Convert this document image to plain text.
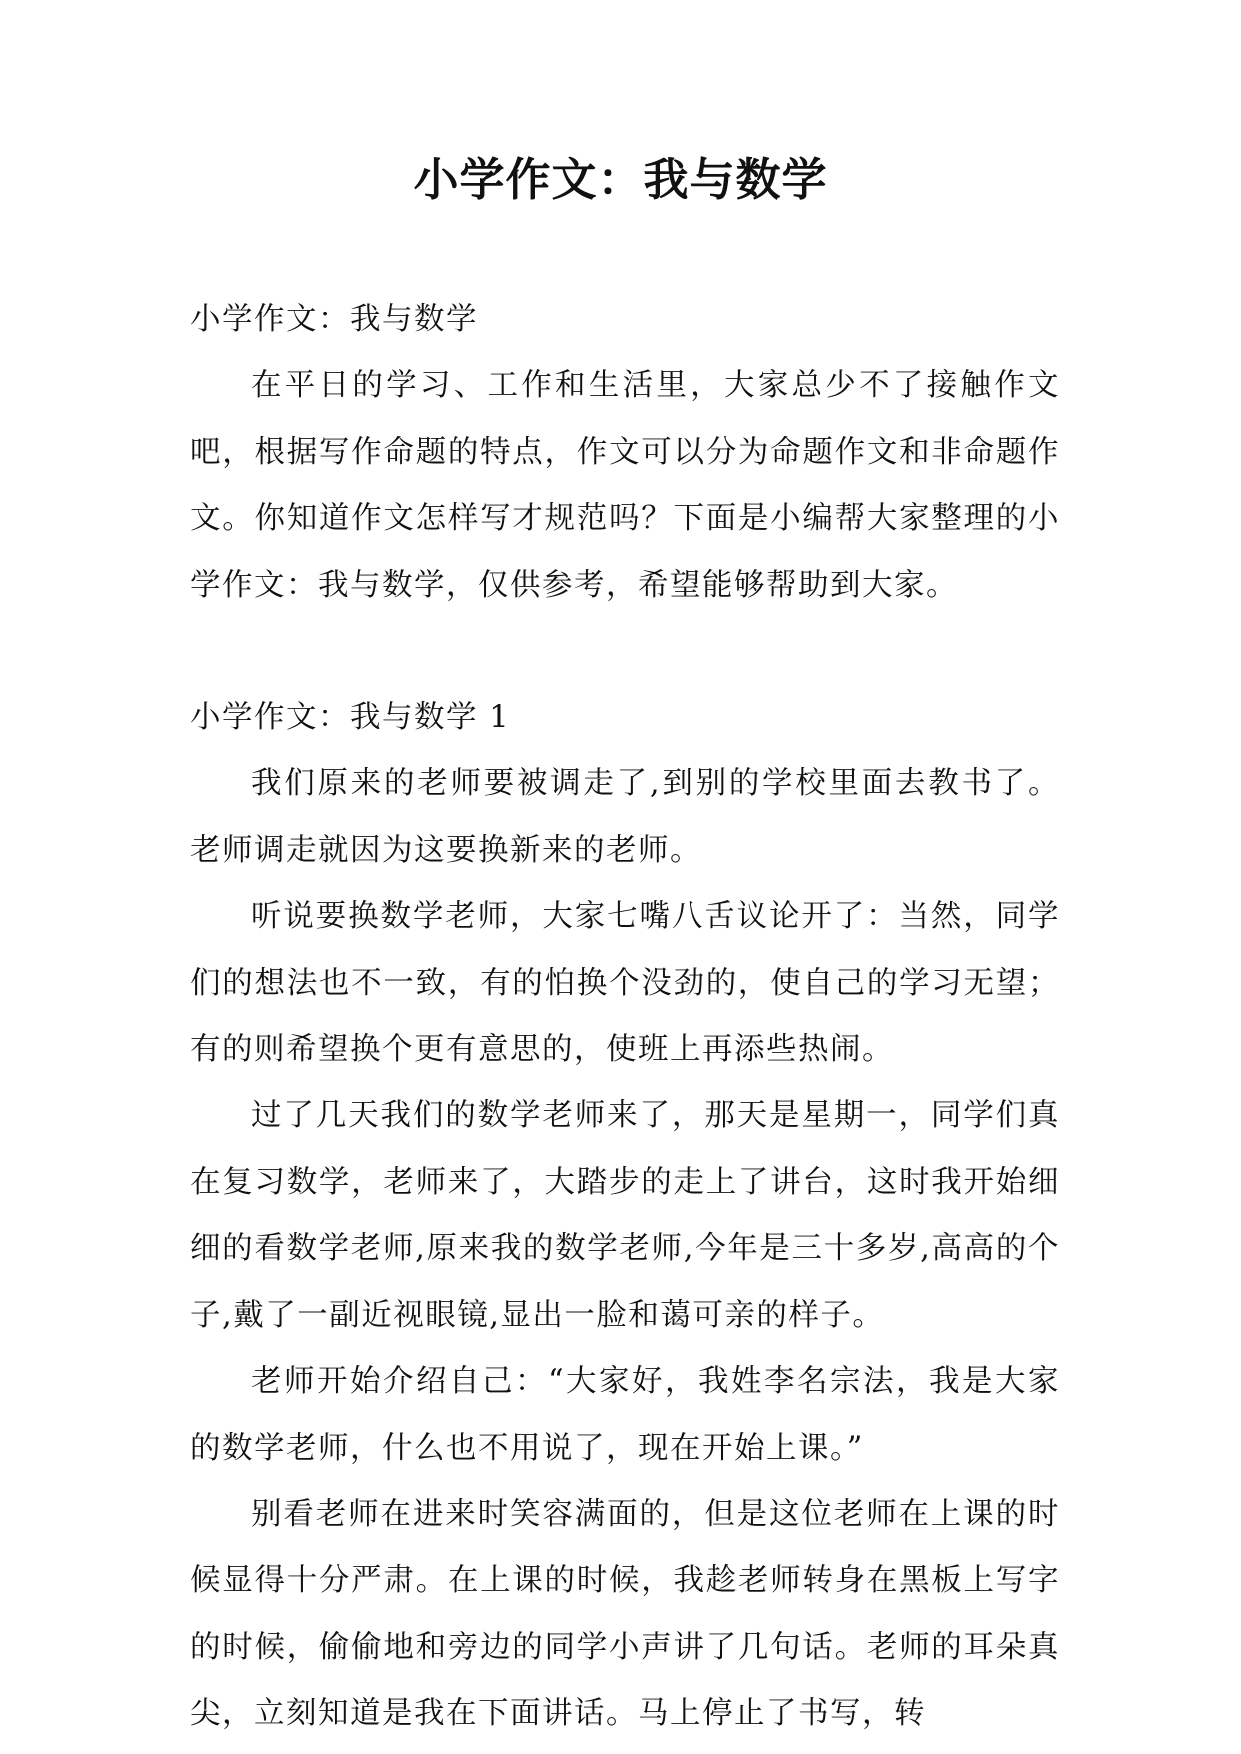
小学作文：我与数学

小学作文：我与数学

在平日的学习、工作和生活里，大家总少不了接触作文吧，根据写作命题的特点，作文可以分为命题作文和非命题作文。你知道作文怎样写才规范吗？下面是小编帮大家整理的小学作文：我与数学，仅供参考，希望能够帮助到大家。

小学作文：我与数学 1

我们原来的老师要被调走了,到别的学校里面去教书了。老师调走就因为这要换新来的老师。

听说要换数学老师，大家七嘴八舌议论开了：当然，同学们的想法也不一致，有的怕换个没劲的，使自己的学习无望；有的则希望换个更有意思的，使班上再添些热闹。

过了几天我们的数学老师来了，那天是星期一，同学们真在复习数学，老师来了，大踏步的走上了讲台，这时我开始细细的看数学老师,原来我的数学老师,今年是三十多岁,高高的个子,戴了一副近视眼镜,显出一脸和蔼可亲的样子。

老师开始介绍自己：“大家好，我姓李名宗法，我是大家的数学老师，什么也不用说了，现在开始上课。”

别看老师在进来时笑容满面的，但是这位老师在上课的时候显得十分严肃。在上课的时候，我趁老师转身在黑板上写字的时候，偷偷地和旁边的同学小声讲了几句话。老师的耳朵真尖，立刻知道是我在下面讲话。马上停止了书写，转
